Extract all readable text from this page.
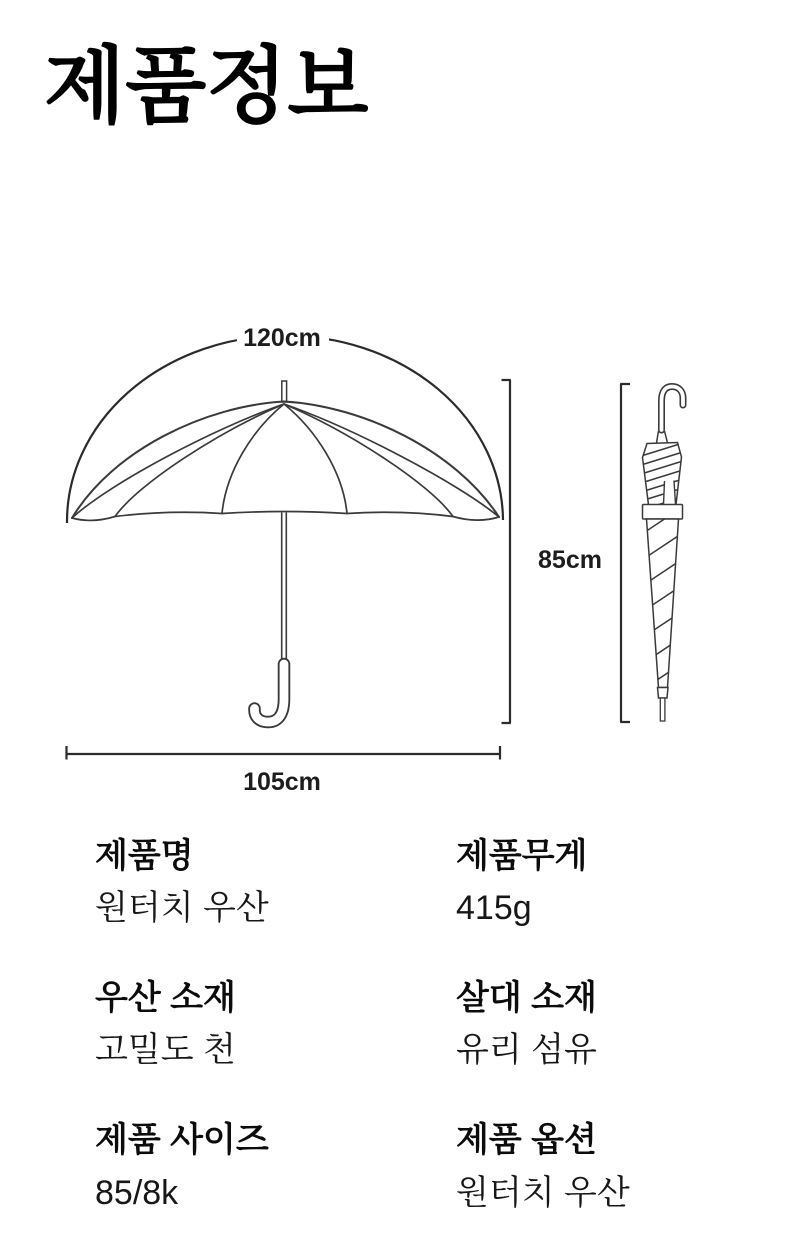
제품정보
120cm
85cm
105cm

제품명

원터치 우산

우산 소재

고밀도 천

제품 사이즈

85/8k

제품무게

415g

살대 소재

유리 섬유

제품 옵션

원터치 우산
